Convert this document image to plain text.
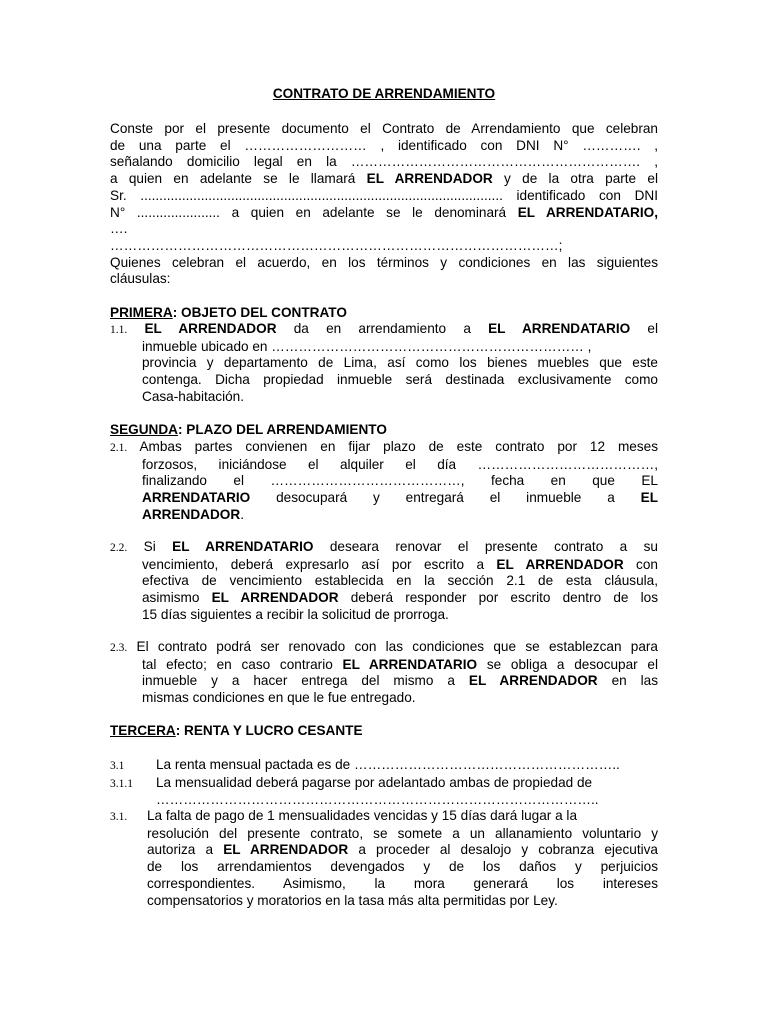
CONTRATO DE ARRENDAMIENTO
Conste por el presente documento el Contrato de Arrendamiento que celebran
de una parte el ……………………… , identificado con DNI N° …………. ,
señalando domicilio legal en la ………………………………………………………. ,
a quien en adelante se le llamará EL ARRENDADOR y de la otra parte el
Sr. ................................................................................................ identificado con DNI
N° ...................... a quien en adelante se le denominará EL ARRENDATARIO,
….
………………………………………………………………………………………;
Quienes celebran el acuerdo, en los términos y condiciones en las siguientes
cláusulas:
PRIMERA: OBJETO DEL CONTRATO
1.1. EL ARRENDADOR da en arrendamiento a EL ARRENDATARIO el
inmueble ubicado en …………………………………………………………… ,
provincia y departamento de Lima, así como los bienes muebles que este
contenga. Dicha propiedad inmueble será destinada exclusivamente como
Casa-habitación.
SEGUNDA: PLAZO DEL ARRENDAMIENTO
2.1. Ambas partes convienen en fijar plazo de este contrato por 12 meses
forzosos, iniciándose el alquiler el día …………………………………,
finalizando el ……………………………………, fecha en que EL
ARRENDATARIO desocupará y entregará el inmueble a EL
ARRENDADOR.
2.2. Si EL ARRENDATARIO deseara renovar el presente contrato a su
vencimiento, deberá expresarlo así por escrito a EL ARRENDADOR con
efectiva de vencimiento establecida en la sección 2.1 de esta cláusula,
asimismo EL ARRENDADOR deberá responder por escrito dentro de los
15 días siguientes a recibir la solicitud de prorroga.
2.3. El contrato podrá ser renovado con las condiciones que se establezcan para
tal efecto; en caso contrario EL ARRENDATARIO se obliga a desocupar el
inmueble y a hacer entrega del mismo a EL ARRENDADOR en las
mismas condiciones en que le fue entregado.
TERCERA: RENTA Y LUCRO CESANTE
3.1 La renta mensual pactada es de …………………………………………………..
3.1.1 La mensualidad deberá pagarse por adelantado ambas de propiedad de
……………………………………………………………………………………..
3.1. La falta de pago de 1 mensualidades vencidas y 15 días dará lugar a la
resolución del presente contrato, se somete a un allanamiento voluntario y
autoriza a EL ARRENDADOR a proceder al desalojo y cobranza ejecutiva
de los arrendamientos devengados y de los daños y perjuicios
correspondientes. Asimismo, la mora generará los intereses
compensatorios y moratorios en la tasa más alta permitidas por Ley.
